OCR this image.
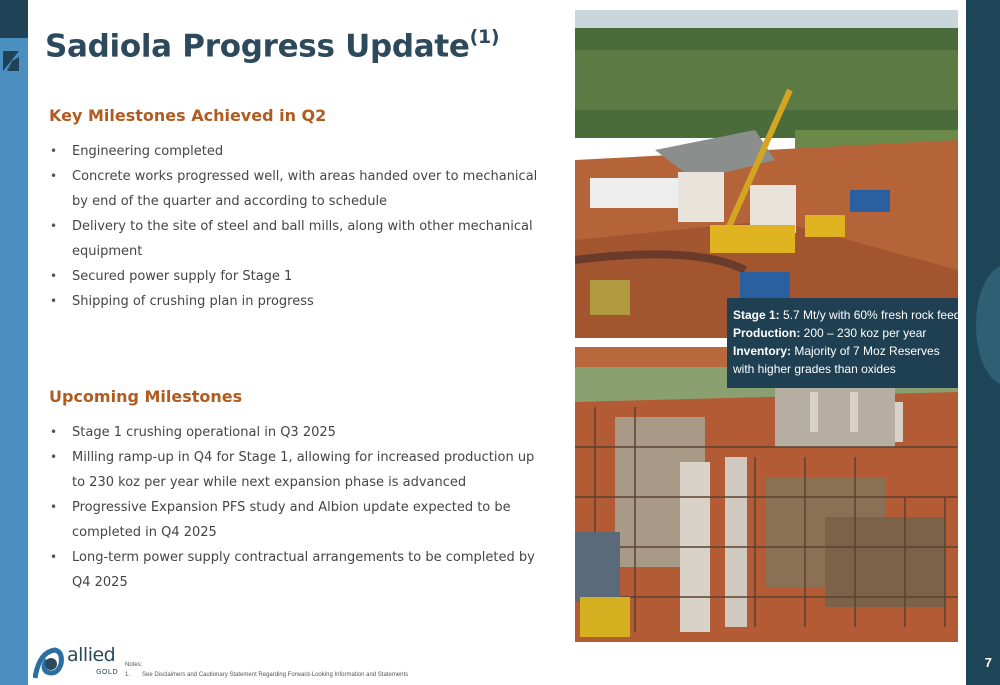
7
Sadiola Progress Update$^{(1)}$
Key Milestones Achieved in Q2
• Engineering completed
• Concrete works progressed well, with areas handed over to mechanical by end of the quarter and according to schedule
• Delivery to the site of steel and ball mills, along with other mechanical equipment
• Secured power supply for Stage 1
• Shipping of crushing plan in progress
Upcoming Milestones
• Stage 1 crushing operational in Q3 2025
• Milling ramp-up in Q4 for Stage 1, allowing for increased production up to 230 koz per year while next expansion phase is advanced
• Progressive Expansion PFS study and Albion update expected to be completed in Q4 2025
• Long-term power supply contractual arrangements to be completed by Q4 2025
Stage 1: 5.7 Mt/y with 60% fresh rock feed
Production: 200 – 230 koz per year
Inventory: Majority of 7 Moz Reserves
with higher grades than oxides
allied
GOLD
Notes:
1. See Disclaimers and Cautionary Statement Regarding Forward-Looking Information and Statements
